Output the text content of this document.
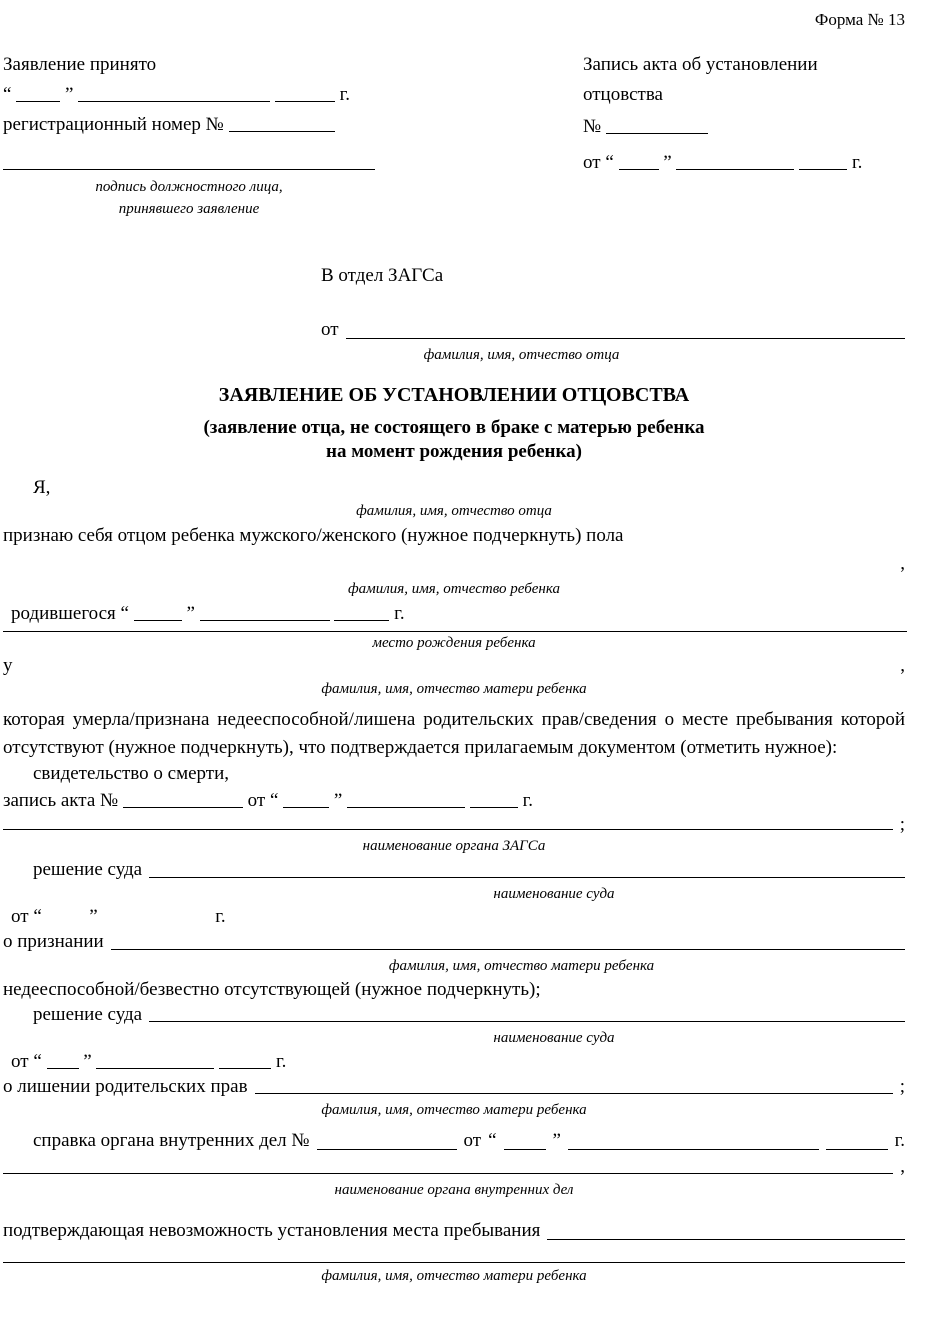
Форма № 13
Заявление принято
“	”	г.
регистрационный номер №
подпись должностного лица,
принявшего заявление
Запись акта об установлении отцовства
№
от “	”	г.
В отдел ЗАГСа
от
фамилия, имя, отчество отца
ЗАЯВЛЕНИЕ ОБ УСТАНОВЛЕНИИ ОТЦОВСТВА
(заявление отца, не состоящего в браке с матерью ребенка
на момент рождения ребенка)
Я,
фамилия, имя, отчество отца
признаю себя отцом ребенка мужского/женского (нужное подчеркнуть) пола
,
фамилия, имя, отчество ребенка
родившегося “	”	г.
место рождения ребенка
у	,
фамилия, имя, отчество матери ребенка
которая умерла/признана недееспособной/лишена родительских прав/сведения о месте пребывания которой отсутствуют (нужное подчеркнуть), что подтверждается прилагаемым документом (отметить нужное):
свидетельство о смерти,
запись акта №	от “	”	г.
;
наименование органа ЗАГСа
решение суда
наименование суда
от “	”	г.
о признании
фамилия, имя, отчество матери ребенка
недееспособной/безвестно отсутствующей (нужное подчеркнуть);
решение суда
наименование суда
от “ ”	г.
о лишении родительских прав	;
фамилия, имя, отчество матери ребенка
справка органа внутренних дел №	от “	”	г.
,
наименование органа внутренних дел
подтверждающая невозможность установления места пребывания
фамилия, имя, отчество матери ребенка
